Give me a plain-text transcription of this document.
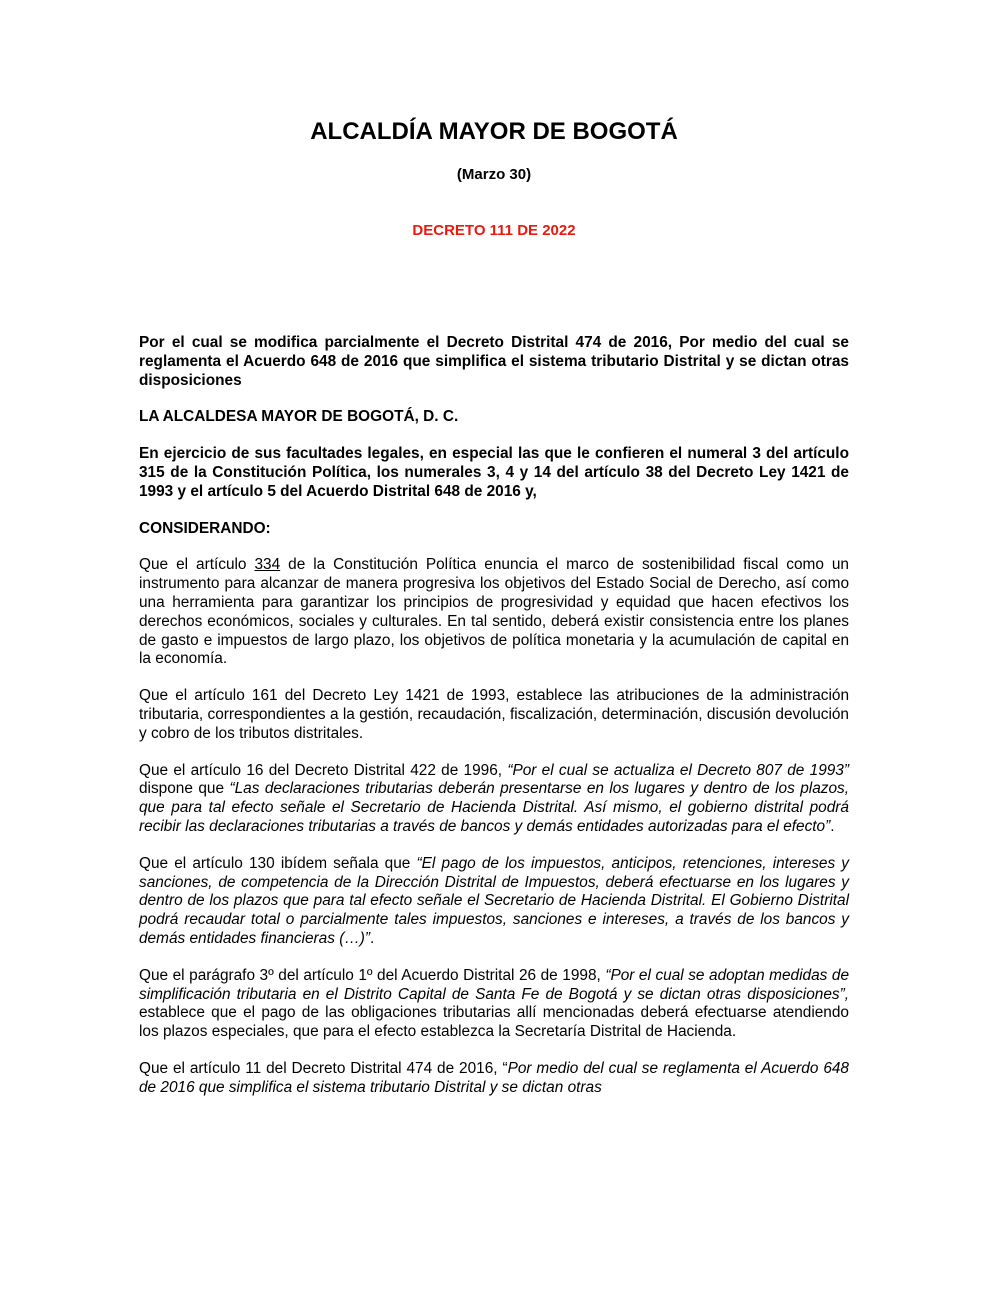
ALCALDÍA MAYOR DE BOGOTÁ

(Marzo 30)

DECRETO 111 DE 2022

Por el cual se modifica parcialmente el Decreto Distrital 474 de 2016, Por medio del cual se reglamenta el Acuerdo 648 de 2016 que simplifica el sistema tributario Distrital y se dictan otras disposiciones

LA ALCALDESA MAYOR DE BOGOTÁ, D. C.

En ejercicio de sus facultades legales, en especial las que le confieren el numeral 3 del artículo 315 de la Constitución Política, los numerales 3, 4 y 14 del artículo 38 del Decreto Ley 1421 de 1993 y el artículo 5 del Acuerdo Distrital 648 de 2016 y,

CONSIDERANDO:

Que el artículo 334 de la Constitución Política enuncia el marco de sostenibilidad fiscal como un instrumento para alcanzar de manera progresiva los objetivos del Estado Social de Derecho, así como una herramienta para garantizar los principios de progresividad y equidad que hacen efectivos los derechos económicos, sociales y culturales. En tal sentido, deberá existir consistencia entre los planes de gasto e impuestos de largo plazo, los objetivos de política monetaria y la acumulación de capital en la economía.

Que el artículo 161 del Decreto Ley 1421 de 1993, establece las atribuciones de la administración tributaria, correspondientes a la gestión, recaudación, fiscalización, determinación, discusión devolución y cobro de los tributos distritales.

Que el artículo 16 del Decreto Distrital 422 de 1996, “Por el cual se actualiza el Decreto 807 de 1993” dispone que “Las declaraciones tributarias deberán presentarse en los lugares y dentro de los plazos, que para tal efecto señale el Secretario de Hacienda Distrital. Así mismo, el gobierno distrital podrá recibir las declaraciones tributarias a través de bancos y demás entidades autorizadas para el efecto”.

Que el artículo 130 ibídem señala que “El pago de los impuestos, anticipos, retenciones, intereses y sanciones, de competencia de la Dirección Distrital de Impuestos, deberá efectuarse en los lugares y dentro de los plazos que para tal efecto señale el Secretario de Hacienda Distrital. El Gobierno Distrital podrá recaudar total o parcialmente tales impuestos, sanciones e intereses, a través de los bancos y demás entidades financieras (…)”.

Que el parágrafo 3º del artículo 1º del Acuerdo Distrital 26 de 1998, “Por el cual se adoptan medidas de simplificación tributaria en el Distrito Capital de Santa Fe de Bogotá y se dictan otras disposiciones”, establece que el pago de las obligaciones tributarias allí mencionadas deberá efectuarse atendiendo los plazos especiales, que para el efecto establezca la Secretaría Distrital de Hacienda.

Que el artículo 11 del Decreto Distrital 474 de 2016, “Por medio del cual se reglamenta el Acuerdo 648 de 2016 que simplifica el sistema tributario Distrital y se dictan otras
